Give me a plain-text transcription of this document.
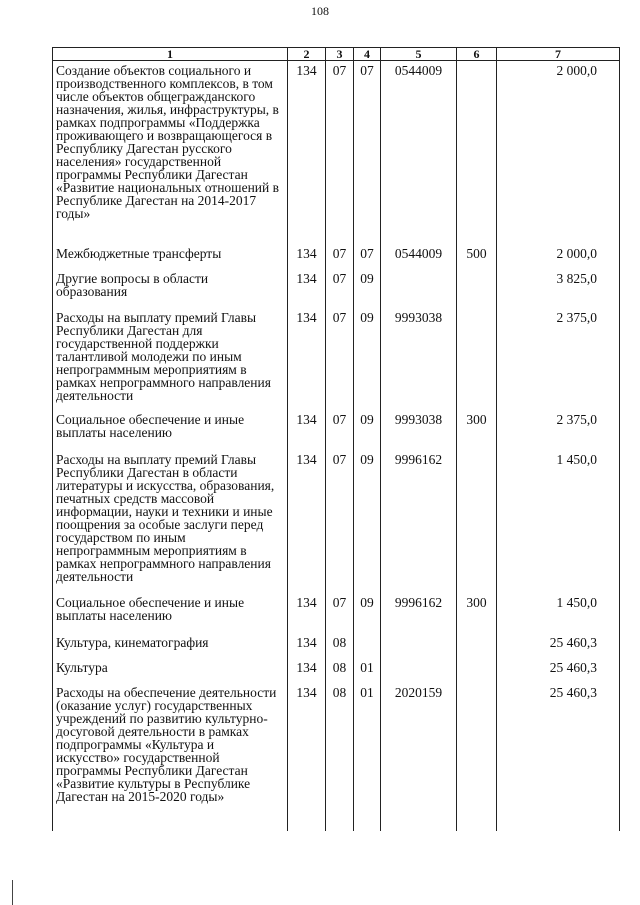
108
1	2	3	4	5	6	7
Создание объектов социального и производственного комплексов, в том числе объектов общегражданского назначения, жилья, инфраструктуры, в рамках подпрограммы «Поддержка проживающего и возвращающегося в Республику Дагестан русского населения» государственной программы Республики Дагестан «Развитие национальных отношений в Республике Дагестан на 2014-2017 годы»	134	07	07	0544009		2 000,0
Межбюджетные трансферты	134	07	07	0544009	500	2 000,0
Другие вопросы в области образования	134	07	09			3 825,0
Расходы на выплату премий Главы Республики Дагестан для государственной поддержки талантливой молодежи по иным непрограммным мероприятиям в рамках непрограммного направления деятельности	134	07	09	9993038		2 375,0
Социальное обеспечение и иные выплаты населению	134	07	09	9993038	300	2 375,0
Расходы на выплату премий Главы Республики Дагестан в области литературы и искусства, образования, печатных средств массовой информации, науки и техники и иные поощрения за особые заслуги перед государством по иным непрограммным мероприятиям в рамках непрограммного направления деятельности	134	07	09	9996162		1 450,0
Социальное обеспечение и иные выплаты населению	134	07	09	9996162	300	1 450,0
Культура, кинематография	134	08				25 460,3
Культура	134	08	01			25 460,3
Расходы на обеспечение деятельности (оказание услуг) государственных учреждений по развитию культурно-досуговой деятельности в рамках подпрограммы «Культура и искусство» государственной программы Республики Дагестан «Развитие культуры в Республике Дагестан на 2015-2020 годы»	134	08	01	2020159		25 460,3
